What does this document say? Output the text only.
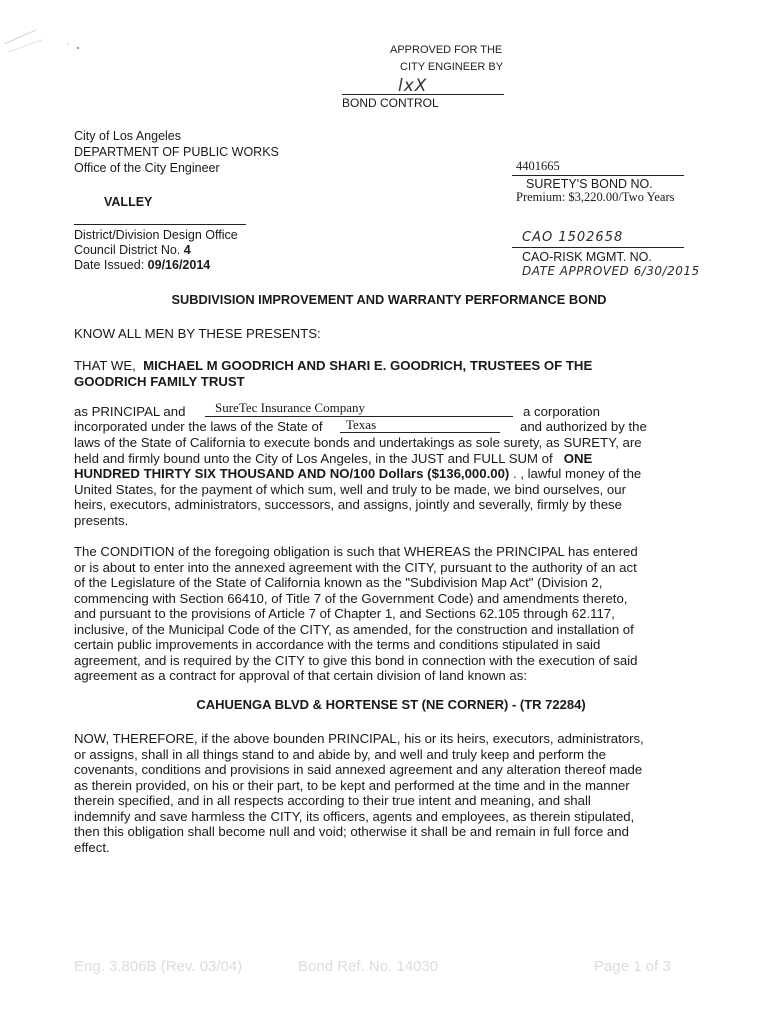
APPROVED FOR THE
CITY ENGINEER BY
lxX
BOND CONTROL
City of Los Angeles
DEPARTMENT OF PUBLIC WORKS
Office of the City Engineer
VALLEY
District/Division Design Office
Council District No. 4
Date Issued: 09/16/2014
4401665
SURETY'S BOND NO.
Premium: $3,220.00/Two Years
CAO 1502658
CAO-RISK MGMT. NO.
DATE APPROVED 6/30/2015
SUBDIVISION IMPROVEMENT AND WARRANTY PERFORMANCE BOND
KNOW ALL MEN BY THESE PRESENTS:
THAT WE, MICHAEL M GOODRICH AND SHARI E. GOODRICH, TRUSTEES OF THE
GOODRICH FAMILY TRUST
as PRINCIPAL and	SureTec Insurance Company	a corporation
incorporated under the laws of the State of Texas	and authorized by the
laws of the State of California to execute bonds and undertakings as sole surety, as SURETY, are
held and firmly bound unto the City of Los Angeles, in the JUST and FULL SUM of ONE
HUNDRED THIRTY SIX THOUSAND AND NO/100 Dollars ($136,000.00) . , lawful money of the
United States, for the payment of which sum, well and truly to be made, we bind ourselves, our
heirs, executors, administrators, successors, and assigns, jointly and severally, firmly by these
presents.
The CONDITION of the foregoing obligation is such that WHEREAS the PRINCIPAL has entered
or is about to enter into the annexed agreement with the CITY, pursuant to the authority of an act
of the Legislature of the State of California known as the "Subdivision Map Act" (Division 2,
commencing with Section 66410, of Title 7 of the Government Code) and amendments thereto,
and pursuant to the provisions of Article 7 of Chapter 1, and Sections 62.105 through 62.117,
inclusive, of the Municipal Code of the CITY, as amended, for the construction and installation of
certain public improvements in accordance with the terms and conditions stipulated in said
agreement, and is required by the CITY to give this bond in connection with the execution of said
agreement as a contract for approval of that certain division of land known as:
CAHUENGA BLVD & HORTENSE ST (NE CORNER) - (TR 72284)
NOW, THEREFORE, if the above bounden PRINCIPAL, his or its heirs, executors, administrators,
or assigns, shall in all things stand to and abide by, and well and truly keep and perform the
covenants, conditions and provisions in said annexed agreement and any alteration thereof made
as therein provided, on his or their part, to be kept and performed at the time and in the manner
therein specified, and in all respects according to their true intent and meaning, and shall
indemnify and save harmless the CITY, its officers, agents and employees, as therein stipulated,
then this obligation shall become null and void; otherwise it shall be and remain in full force and
effect.
Eng. 3.806B (Rev. 03/04)	Bond Ref. No. 14030	Page 1 of 3
